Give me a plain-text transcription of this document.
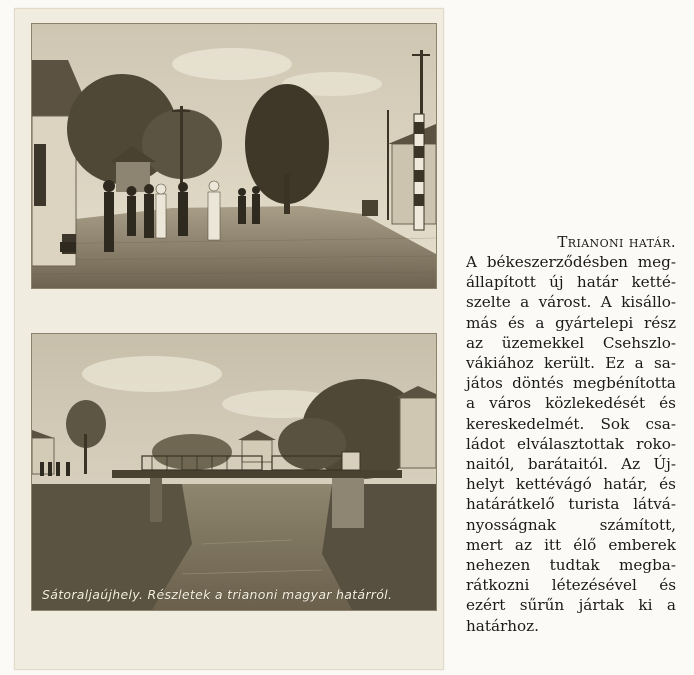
Sátoraljaújhely. Részletek a trianoni magyar határról.
Trianoni határ.
A békeszerződésben meg-
állapított új határ ketté-
szelte a várost. A kisállo-
más és a gyártelepi rész
az üzemekkel Csehszlo-
vákiához került. Ez a sa-
játos döntés megbénította
a város közlekedését és
kereskedelmét. Sok csa-
ládot elválasztottak roko-
naitól, barátaitól. Az Új-
helyt kettévágó határ, és
határátkelő turista látvá-
nyosságnak	számított,
mert az itt élő emberek
nehezen tudtak megba-
rátkozni létezésével és
ezért sűrűn jártak ki a
határhoz.
